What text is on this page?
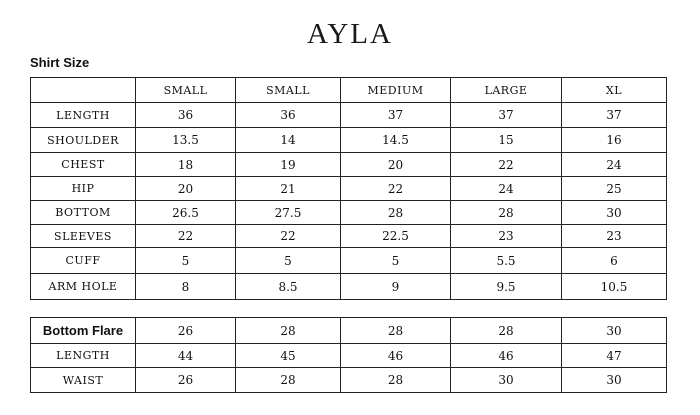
AYLA
Shirt Size
	SMALL	SMALL	MEDIUM	LARGE	XL
LENGTH	36	36	37	37	37
SHOULDER	13.5	14	14.5	15	16
CHEST	18	19	20	22	24
HIP	20	21	22	24	25
BOTTOM	26.5	27.5	28	28	30
SLEEVES	22	22	22.5	23	23
CUFF	5	5	5	5.5	6
ARM HOLE	8	8.5	9	9.5	10.5
Bottom Flare	26	28	28	28	30
LENGTH	44	45	46	46	47
WAIST	26	28	28	30	30
